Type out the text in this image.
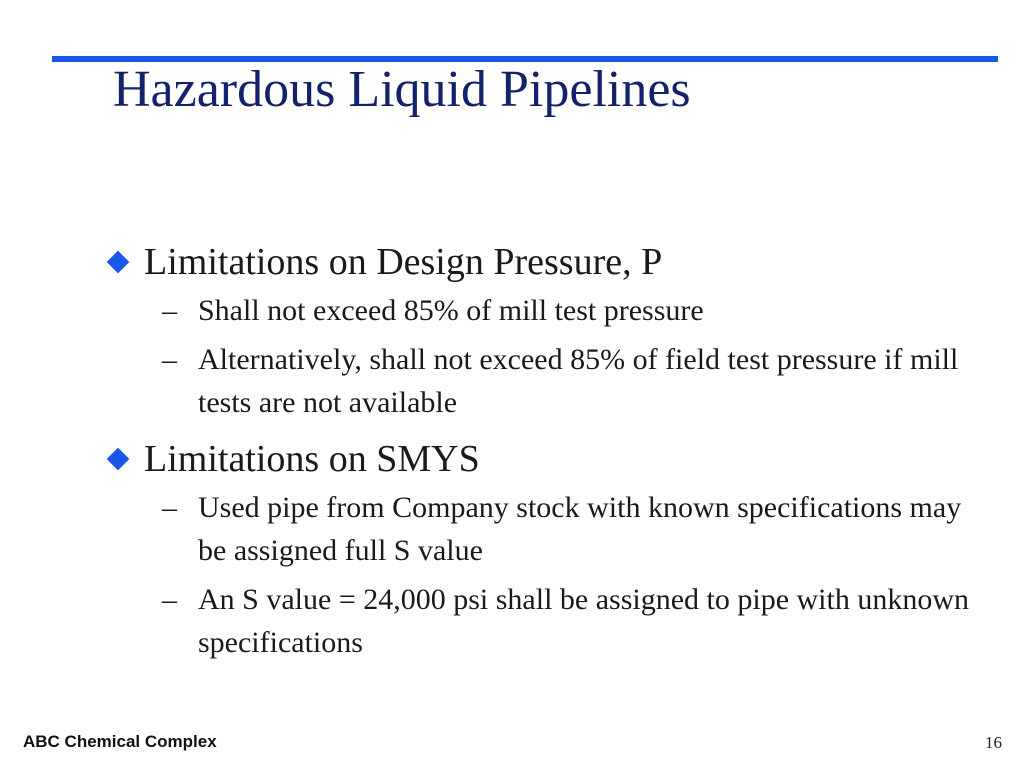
Hazardous Liquid Pipelines
Limitations on Design Pressure, P
– Shall not exceed 85% of mill test pressure
– Alternatively, shall not exceed 85% of field test pressure if mill tests are not available
Limitations on SMYS
– Used pipe from Company stock with known specifications may be assigned full S value
– An S value = 24,000 psi shall be assigned to pipe with unknown specifications
ABC Chemical Complex	16
